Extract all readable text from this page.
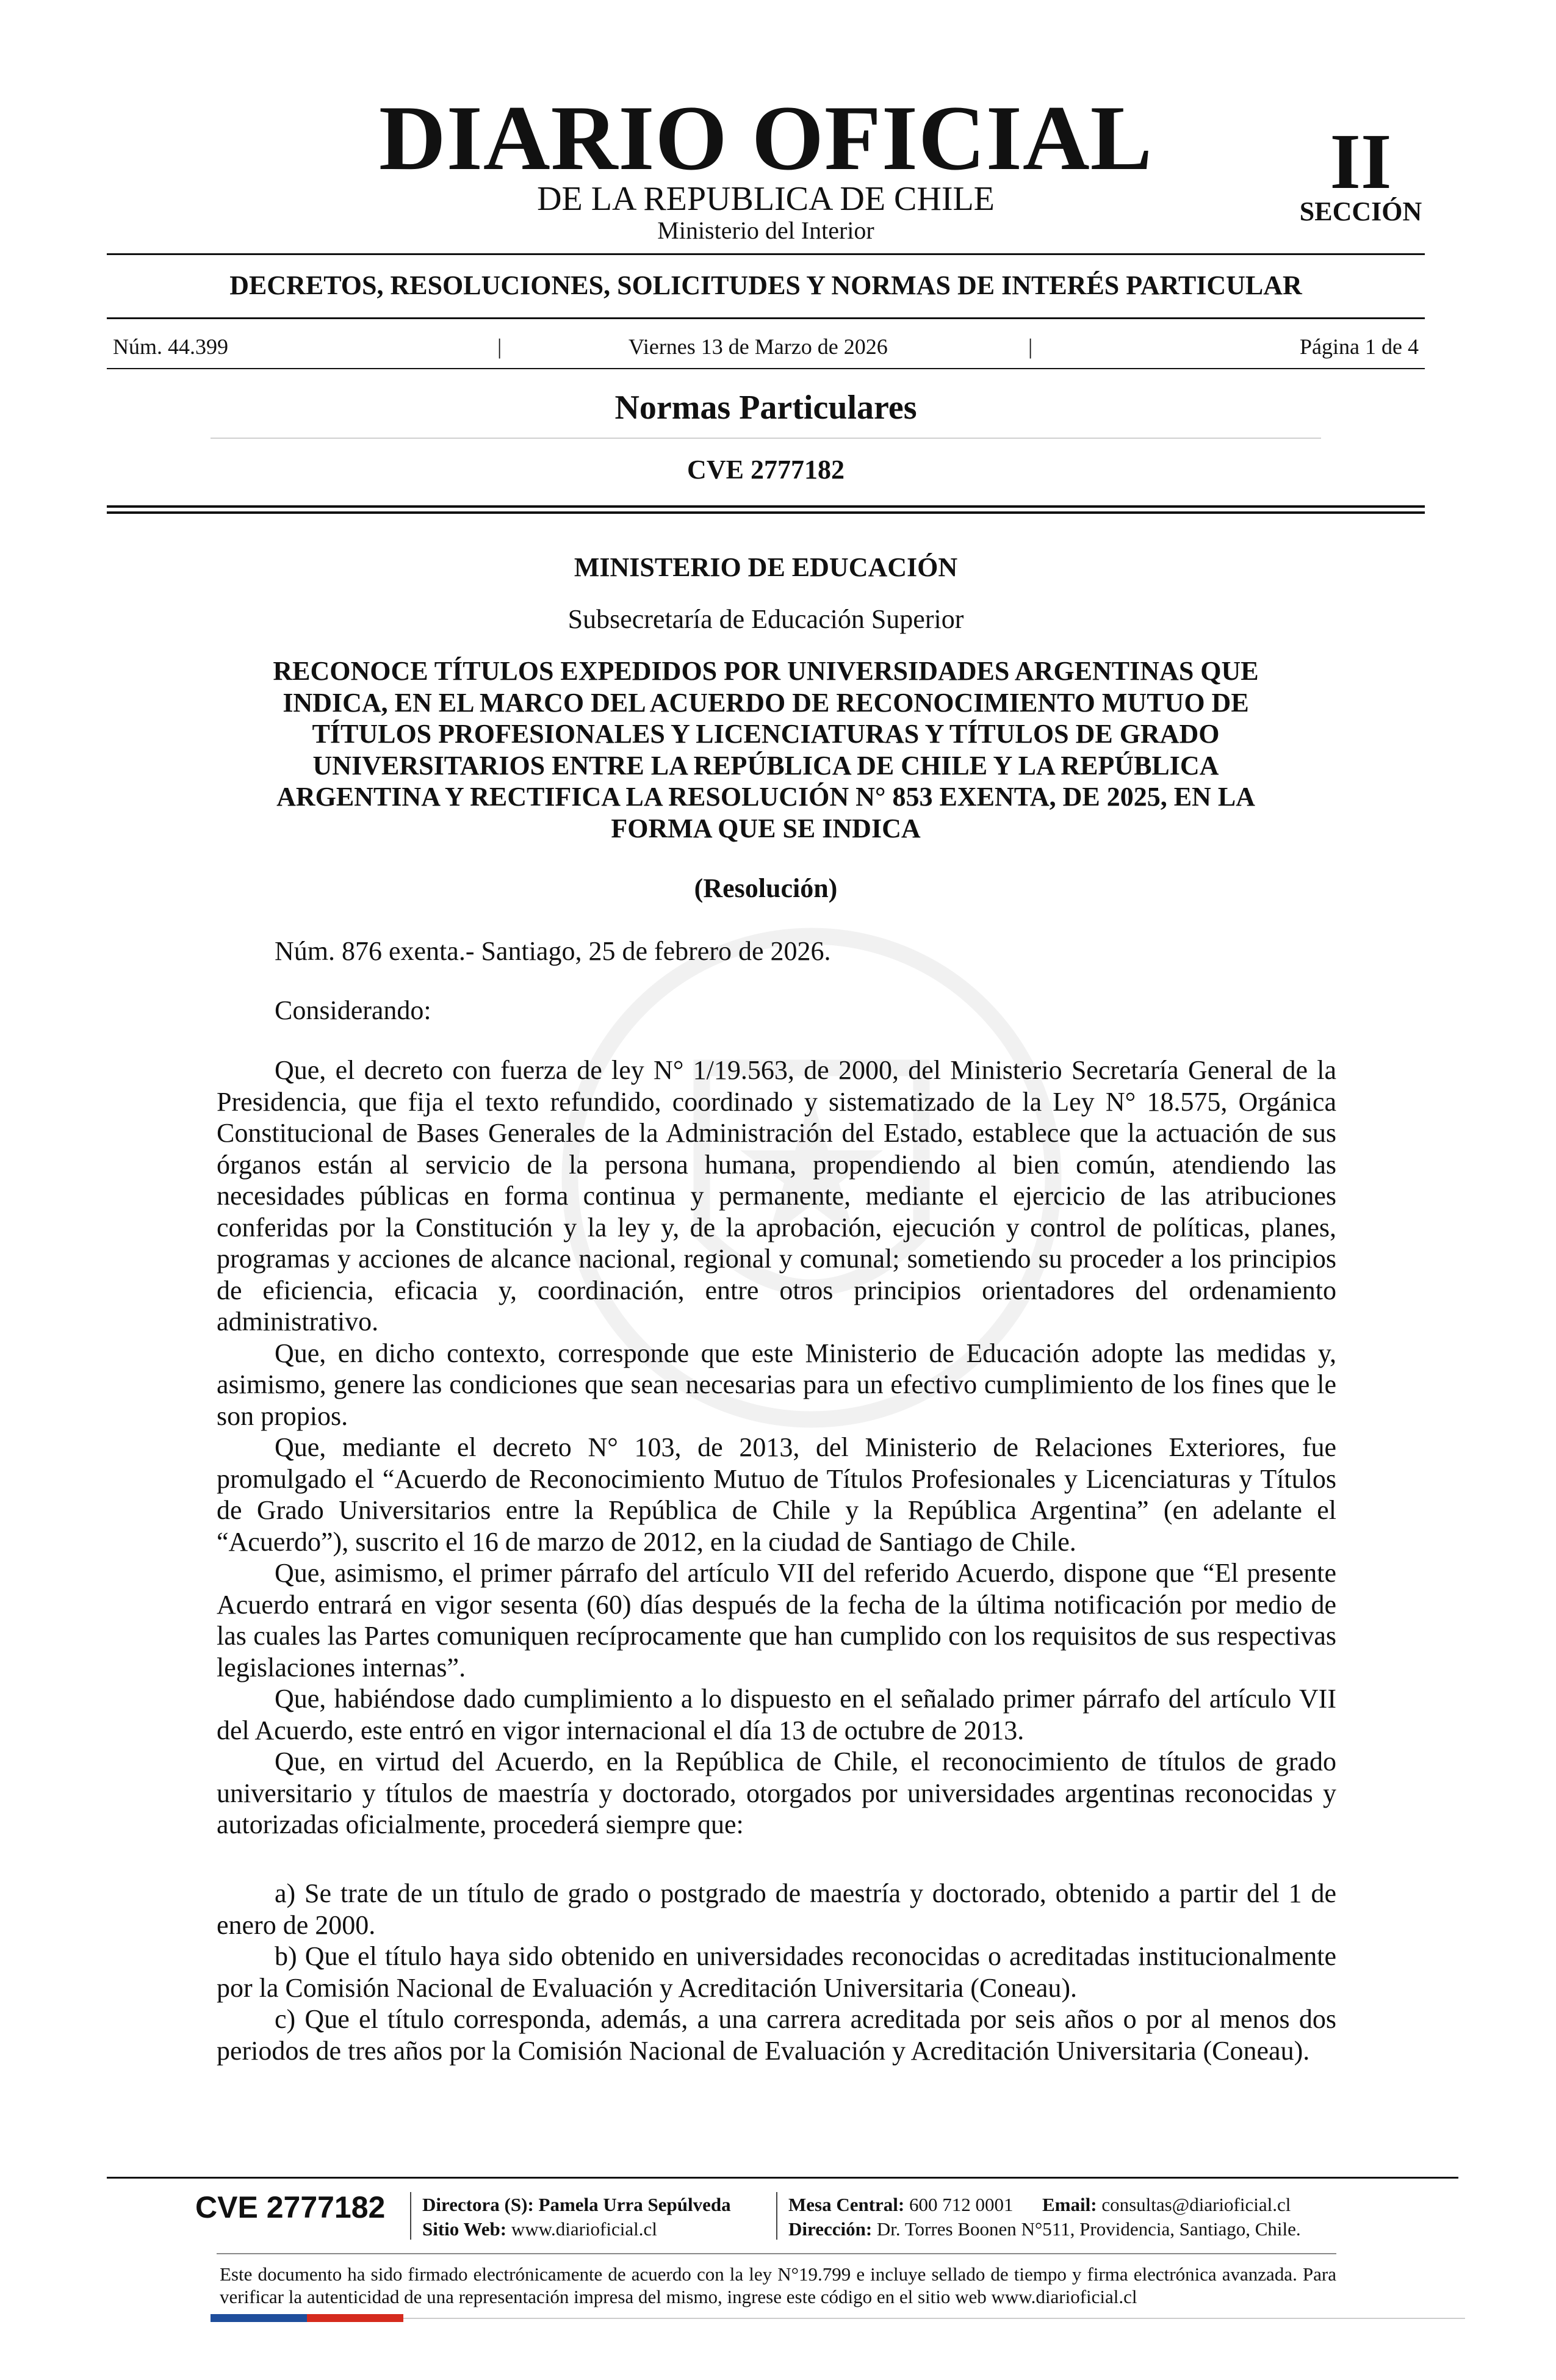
DIARIO OFICIAL
DE LA REPUBLICA DE CHILE
Ministerio del Interior
II
SECCIÓN
DECRETOS, RESOLUCIONES, SOLICITUDES Y NORMAS DE INTERÉS PARTICULAR
Núm. 44.399	|	Viernes 13 de Marzo de 2026	|	Página 1 de 4
Normas Particulares
CVE 2777182
MINISTERIO DE EDUCACIÓN
Subsecretaría de Educación Superior
RECONOCE TÍTULOS EXPEDIDOS POR UNIVERSIDADES ARGENTINAS QUE INDICA, EN EL MARCO DEL ACUERDO DE RECONOCIMIENTO MUTUO DE TÍTULOS PROFESIONALES Y LICENCIATURAS Y TÍTULOS DE GRADO UNIVERSITARIOS ENTRE LA REPÚBLICA DE CHILE Y LA REPÚBLICA ARGENTINA Y RECTIFICA LA RESOLUCIÓN N° 853 EXENTA, DE 2025, EN LA FORMA QUE SE INDICA
(Resolución)
Núm. 876 exenta.- Santiago, 25 de febrero de 2026.
Considerando:

Que, el decreto con fuerza de ley N° 1/19.563, de 2000, del Ministerio Secretaría General de la Presidencia, que fija el texto refundido, coordinado y sistematizado de la Ley N° 18.575, Orgánica Constitucional de Bases Generales de la Administración del Estado, establece que la actuación de sus órganos están al servicio de la persona humana, propendiendo al bien común, atendiendo las necesidades públicas en forma continua y permanente, mediante el ejercicio de las atribuciones conferidas por la Constitución y la ley y, de la aprobación, ejecución y control de políticas, planes, programas y acciones de alcance nacional, regional y comunal; sometiendo su proceder a los principios de eficiencia, eficacia y, coordinación, entre otros principios orientadores del ordenamiento administrativo.

Que, en dicho contexto, corresponde que este Ministerio de Educación adopte las medidas y, asimismo, genere las condiciones que sean necesarias para un efectivo cumplimiento de los fines que le son propios.

Que, mediante el decreto N° 103, de 2013, del Ministerio de Relaciones Exteriores, fue promulgado el “Acuerdo de Reconocimiento Mutuo de Títulos Profesionales y Licenciaturas y Títulos de Grado Universitarios entre la República de Chile y la República Argentina” (en adelante el “Acuerdo”), suscrito el 16 de marzo de 2012, en la ciudad de Santiago de Chile.

Que, asimismo, el primer párrafo del artículo VII del referido Acuerdo, dispone que “El presente Acuerdo entrará en vigor sesenta (60) días después de la fecha de la última notificación por medio de las cuales las Partes comuniquen recíprocamente que han cumplido con los requisitos de sus respectivas legislaciones internas”.

Que, habiéndose dado cumplimiento a lo dispuesto en el señalado primer párrafo del artículo VII del Acuerdo, este entró en vigor internacional el día 13 de octubre de 2013.

Que, en virtud del Acuerdo, en la República de Chile, el reconocimiento de títulos de grado universitario y títulos de maestría y doctorado, otorgados por universidades argentinas reconocidas y autorizadas oficialmente, procederá siempre que:

a) Se trate de un título de grado o postgrado de maestría y doctorado, obtenido a partir del 1 de enero de 2000.

b) Que el título haya sido obtenido en universidades reconocidas o acreditadas institucionalmente por la Comisión Nacional de Evaluación y Acreditación Universitaria (Coneau).

c) Que el título corresponda, además, a una carrera acreditada por seis años o por al menos dos periodos de tres años por la Comisión Nacional de Evaluación y Acreditación Universitaria (Coneau).

CVE 2777182 Directora (S): Pamela Urra Sepúlveda
Sitio Web: www.diarioficial.cl
Mesa Central: 600 712 0001 Email: consultas@diarioficial.cl
Dirección: Dr. Torres Boonen N°511, Providencia, Santiago, Chile.
Este documento ha sido firmado electrónicamente de acuerdo con la ley N°19.799 e incluye sellado de tiempo y firma electrónica avanzada. Para verificar la autenticidad de una representación impresa del mismo, ingrese este código en el sitio web www.diarioficial.cl
